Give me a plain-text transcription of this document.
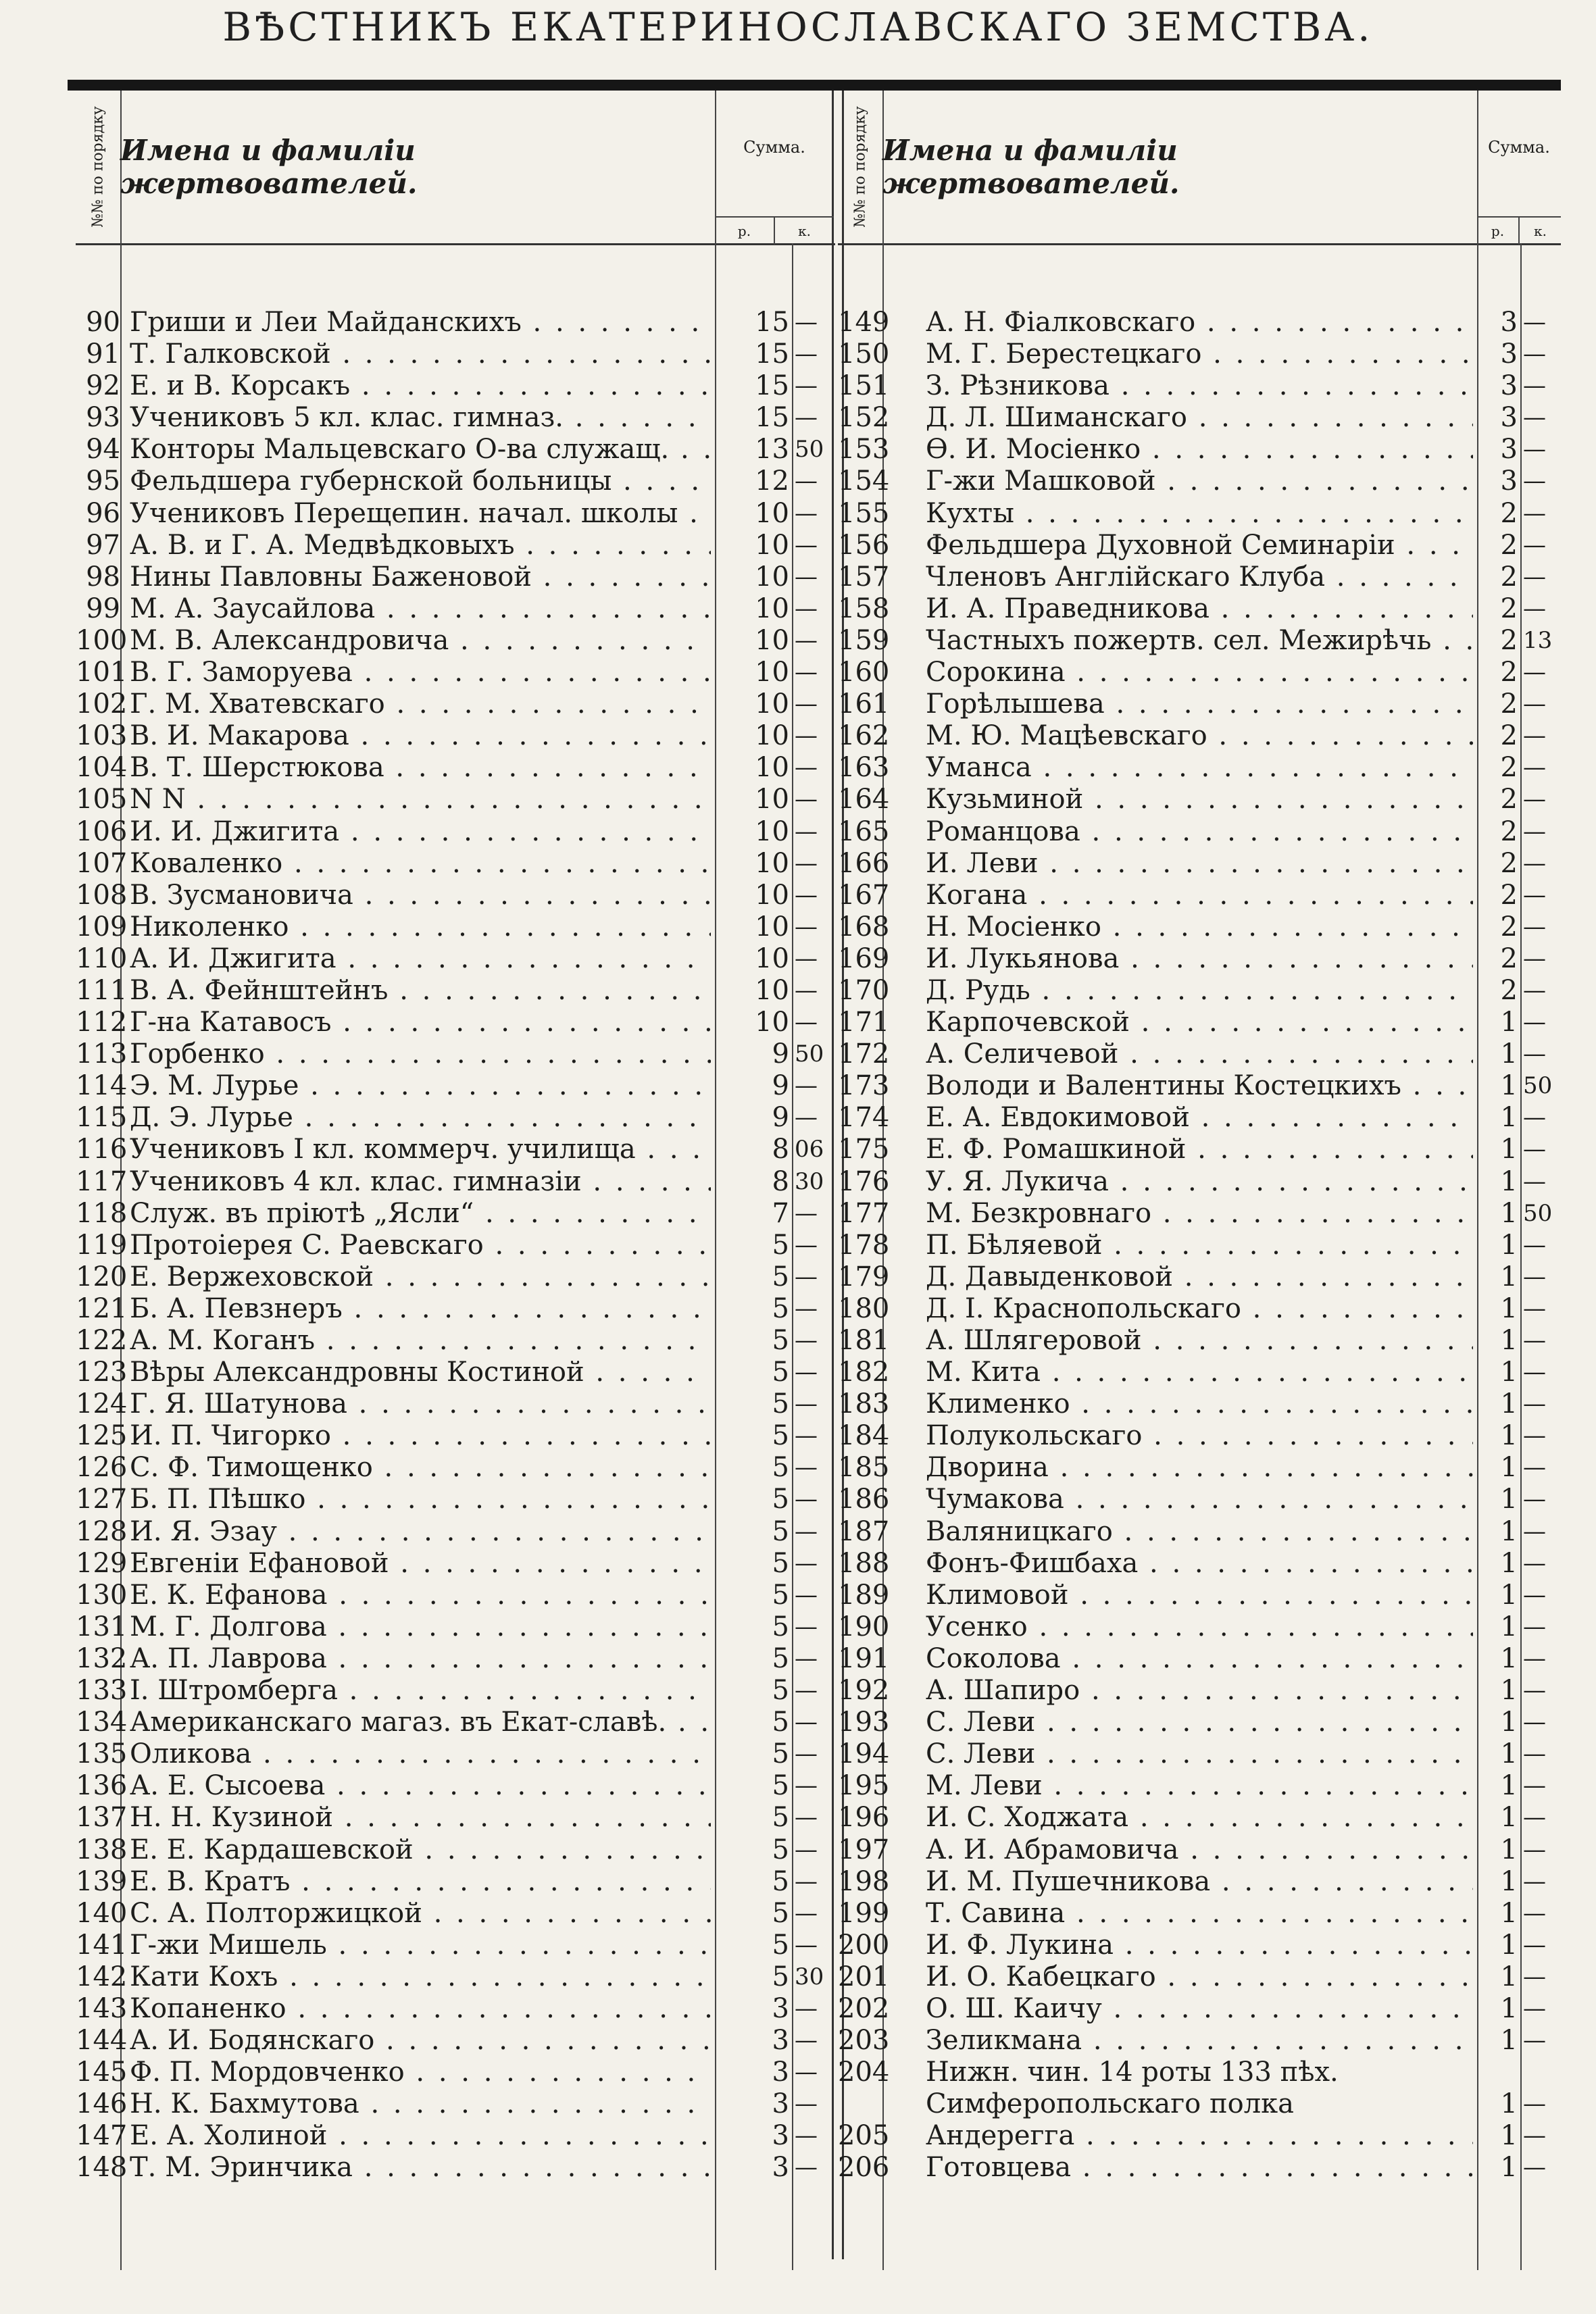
ВѢСТНИКЪ ЕКАТЕРИНОСЛАВСКАГО ЗЕМСТВА.
№№ по порядку Имена и фамиліи жертвователей.
Сумма.
р.	к.
90 Гриши и Леи Майданскихъ . . .	15 —
91 Т. Галковской . . .	15 —
92 Е. и В. Корсакъ . . .	15 —
93 Учениковъ 5 кл. клас. гимназ. . . .	15 —
94 Конторы Мальцевскаго О-ва служащ. . . .	13 50
95 Фельдшера губернской больницы . . .	12 —
96 Учениковъ Перещепин. начал. школы . . .	10 —
97 А. В. и Г. А. Медвѣдковыхъ . . .	10 —
98 Нины Павловны Баженовой . . .	10 —
99 М. А. Заусайлова . . .	10 —
100 М. В. Александровича . . .	10 —
101 В. Г. Заморуева . . .	10 —
102 Г. М. Хватевскаго . . .	10 —
103 В. И. Макарова . . .	10 —
104 В. Т. Шерстюкова . . .	10 —
105 N N . . .	10 —
106 И. И. Джигита . . .	10 —
107 Коваленко . . .	10 —
108 В. Зусмановича . . .	10 —
109 Николенко . . .	10 —
110 А. И. Джигита . . .	10 —
111 В. А. Фейнштейнъ . . .	10 —
112 Г-на Катавосъ . . .	10 —
113 Горбенко . . .	9 50
114 Э. М. Лурье . . .	9 —
115 Д. Э. Лурье . . .	9 —
116 Учениковъ I кл. коммерч. училища . . .	8 06
117 Учениковъ 4 кл. клас. гимназіи . . .	8 30
118 Служ. въ пріютѣ „Ясли“ . . .	7 —
119 Протоіерея С. Раевскаго . . .	5 —
120 Е. Вержеховской . . .	5 —
121 Б. А. Певзнеръ . . .	5 —
122 А. М. Коганъ . . .	5 —
123 Вѣры Александровны Костиной . . .	5 —
124 Г. Я. Шатунова . . .	5 —
125 И. П. Чигорко . . .	5 —
126 С. Ф. Тимощенко . . .	5 —
127 Б. П. Пѣшко . . .	5 —
128 И. Я. Эзау . . .	5 —
129 Евгеніи Ефановой . . .	5 —
130 Е. К. Ефанова . . .	5 —
131 М. Г. Долгова . . .	5 —
132 А. П. Лаврова . . .	5 —
133 І. Штромберга . . .	5 —
134 Американскаго магаз. въ Екат-славѣ. . . .	5 —
135 Оликова . . .	5 —
136 А. Е. Сысоева . . .	5 —
137 Н. Н. Кузиной . . .	5 —
138 Е. Е. Кардашевской . . .	5 —
139 Е. В. Кратъ . . .	5 —
140 С. А. Полторжицкой . . .	5 —
141 Г-жи Мишель . . .	5 —
142 Кати Кохъ . . .	5 30
143 Копаненко . . .	3 —
144 А. И. Бодянскаго . . .	3 —
145 Ф. П. Мордовченко . . .	3 —
146 Н. К. Бахмутова . . .	3 —
147 Е. А. Холиной . . .	3 —
148 Т. М. Эринчика . . .	3 —
№№ по порядку Имена и фамиліи жертвователей.
Сумма.
р.	к.
149 А. Н. Фіалковскаго . . .	3 —
150 М. Г. Берестецкаго . . .	3 —
151 З. Рѣзникова . . .	3 —
152 Д. Л. Шиманскаго . . .	3 —
153 Ѳ. И. Мосіенко . . .	3 —
154 Г-жи Машковой . . .	3 —
155 Кухты . . .	2 —
156 Фельдшера Духовной Семинаріи . . .	2 —
157 Членовъ Англійскаго Клуба . . .	2 —
158 И. А. Праведникова . . .	2 —
159 Частныхъ пожертв. сел. Межирѣчь . . .	2 13
160 Сорокина . . .	2 —
161 Горѣлышева . . .	2 —
162 М. Ю. Мацѣевскаго . . .	2 —
163 Уманса . . .	2 —
164 Кузьминой . . .	2 —
165 Романцова . . .	2 —
166 И. Леви . . .	2 —
167 Когана . . .	2 —
168 Н. Мосіенко . . .	2 —
169 И. Лукьянова . . .	2 —
170 Д. Рудь . . .	2 —
171 Карпочевской . . .	1 —
172 А. Селичевой . . .	1 —
173 Володи и Валентины Костецкихъ . . .	1 50
174 Е. А. Евдокимовой . . .	1 —
175 Е. Ф. Ромашкиной . . .	1 —
176 У. Я. Лукича . . .	1 —
177 М. Безкровнаго . . .	1 50
178 П. Бѣляевой . . .	1 —
179 Д. Давыденковой . . .	1 —
180 Д. І. Краснопольскаго . . .	1 —
181 А. Шлягеровой . . .	1 —
182 М. Кита . . .	1 —
183 Клименко . . .	1 —
184 Полукольскаго . . .	1 —
185 Дворина . . .	1 —
186 Чумакова . . .	1 —
187 Валяницкаго . . .	1 —
188 Фонъ-Фишбаха . . .	1 —
189 Климовой . . .	1 —
190 Усенко . . .	1 —
191 Соколова . . .	1 —
192 А. Шапиро . . .	1 —
193 С. Леви . . .	1 —
194 С. Леви . . .	1 —
195 М. Леви . . .	1 —
196 И. С. Ходжата . . .	1 —
197 А. И. Абрамовича . . .	1 —
198 И. М. Пушечникова . . .	1 —
199 Т. Савина . . .	1 —
200 И. Ф. Лукина . . .	1 —
201 И. О. Кабецкаго . . .	1 —
202 О. Ш. Каичу . . .	1 —
203 Зеликмана . . .	1 —
204 Нижн. чин. 14 роты 133 пѣх. Симферопольскаго полка	1 —
205 Андерегга . . .	1 —
206 Готовцева . . .	1 —
